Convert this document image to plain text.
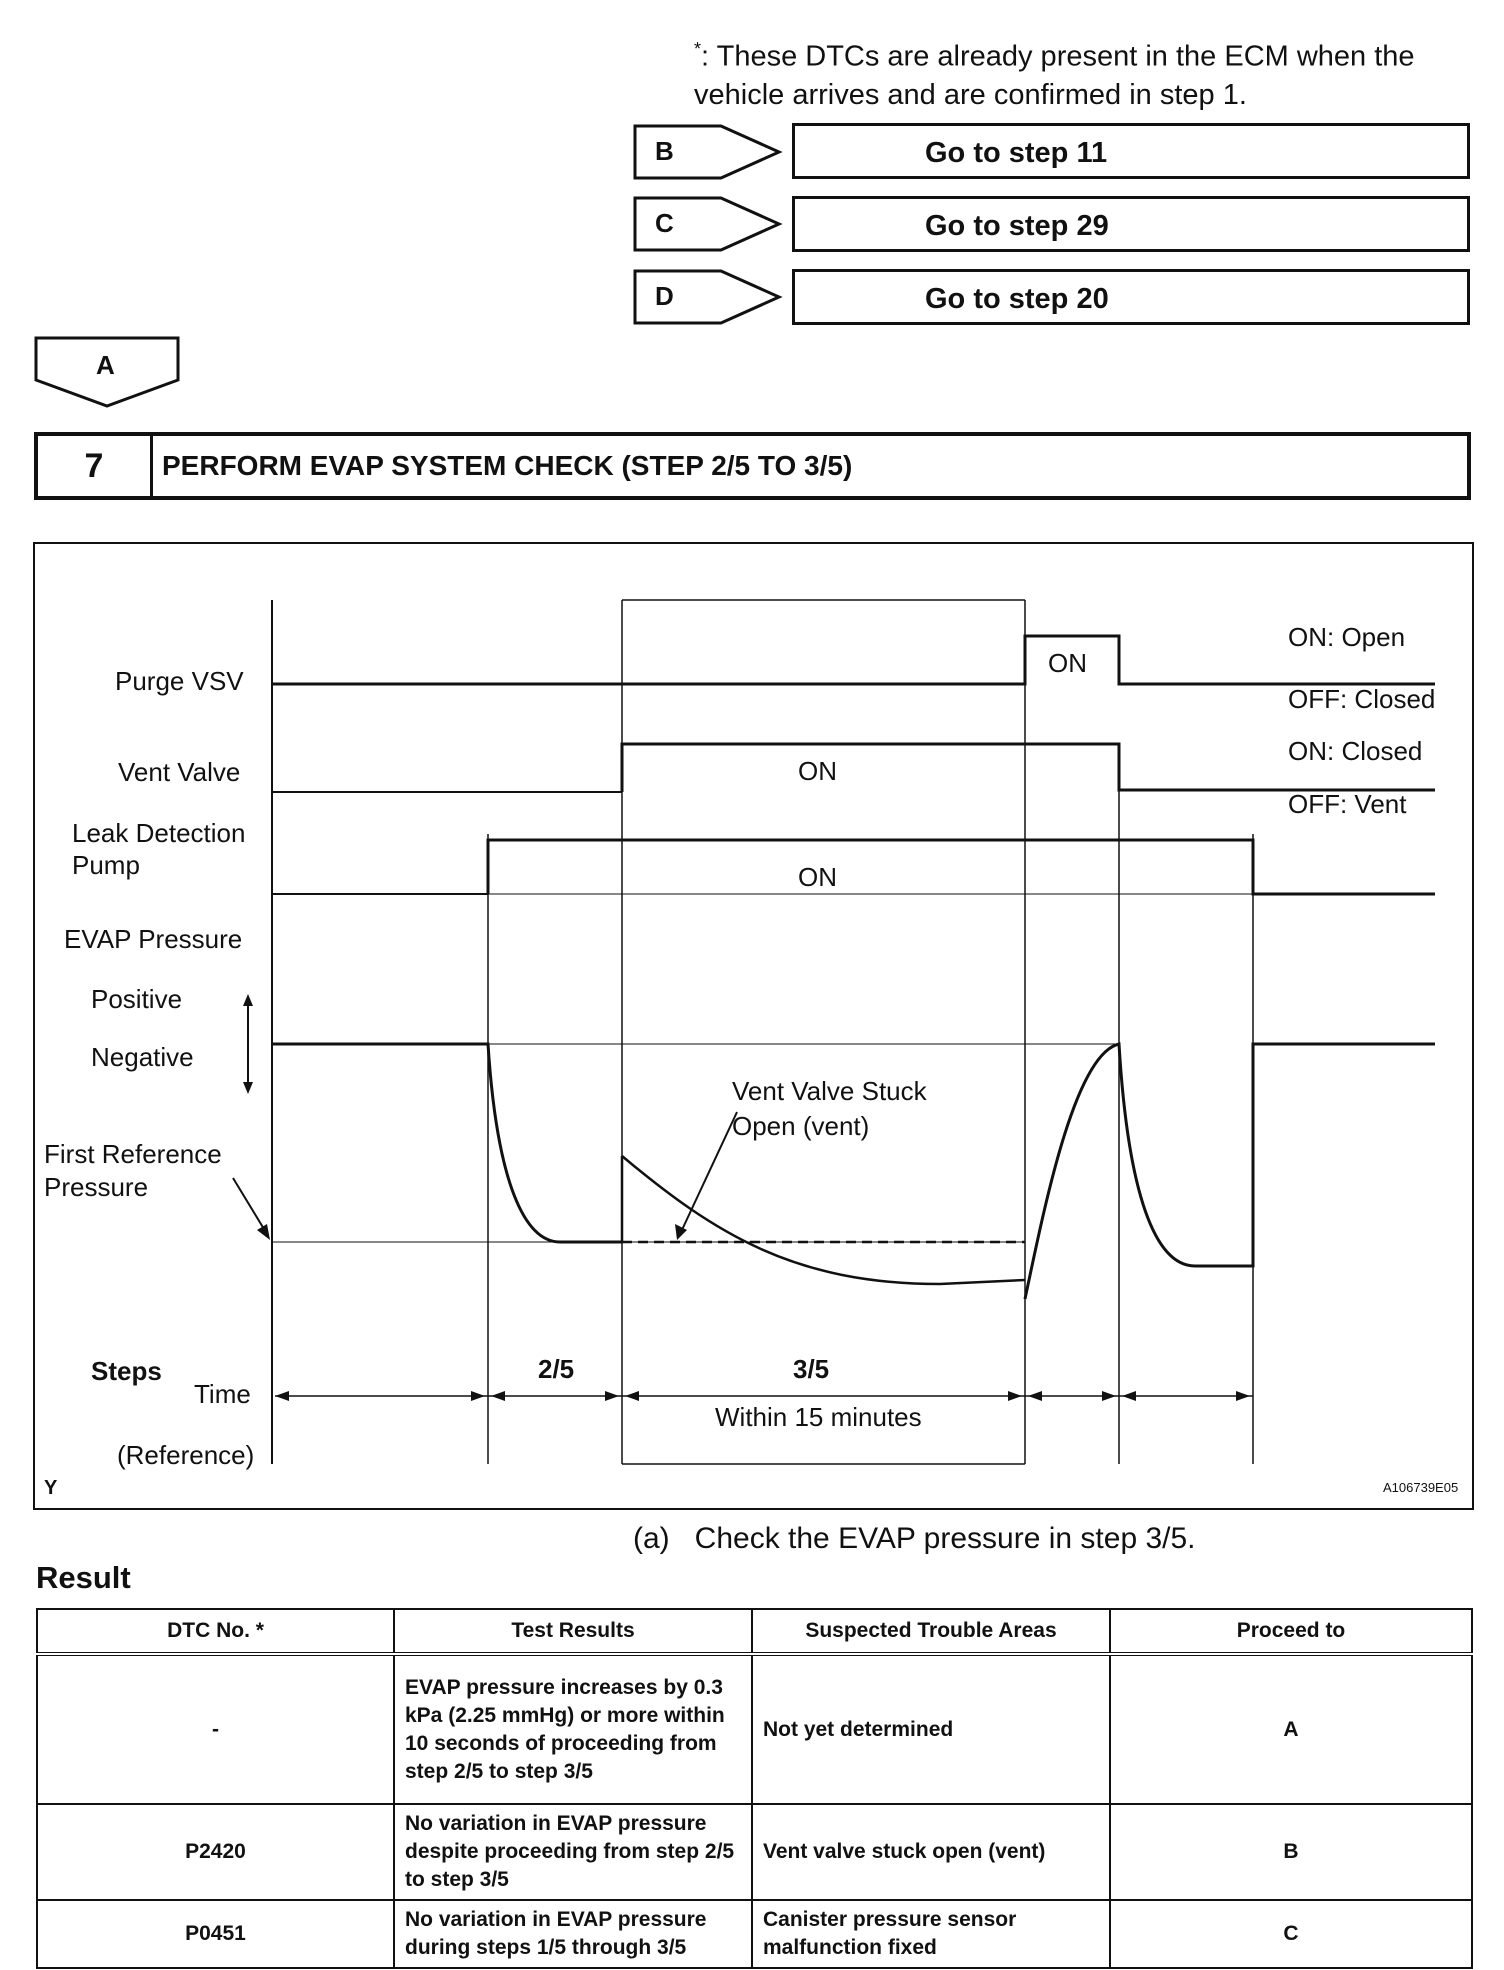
*: These DTCs are already present in the ECM when the vehicle arrives and are confirmed in step 1.
B	Go to step 11
C	Go to step 29
D	Go to step 20
A
7	PERFORM EVAP SYSTEM CHECK (STEP 2/5 TO 3/5)
Purge VSV
Vent Valve
Leak Detection
Pump
EVAP Pressure
Positive
Negative
First Reference
Pressure
ON
ON
ON
ON: Open
OFF: Closed
ON: Closed
OFF: Vent
Vent Valve Stuck
Open (vent)
Steps
Time
(Reference)
2/5	3/5
Within 15 minutes
Y	A106739E05
(a)   Check the EVAP pressure in step 3/5.
Result
DTC No. *	Test Results	Suspected Trouble Areas	Proceed to
-	EVAP pressure increases by 0.3 kPa (2.25 mmHg) or more within 10 seconds of proceeding from step 2/5 to step 3/5	Not yet determined	A
P2420	No variation in EVAP pressure despite proceeding from step 2/5 to step 3/5	Vent valve stuck open (vent)	B
P0451	No variation in EVAP pressure during steps 1/5 through 3/5	Canister pressure sensor malfunction fixed	C
